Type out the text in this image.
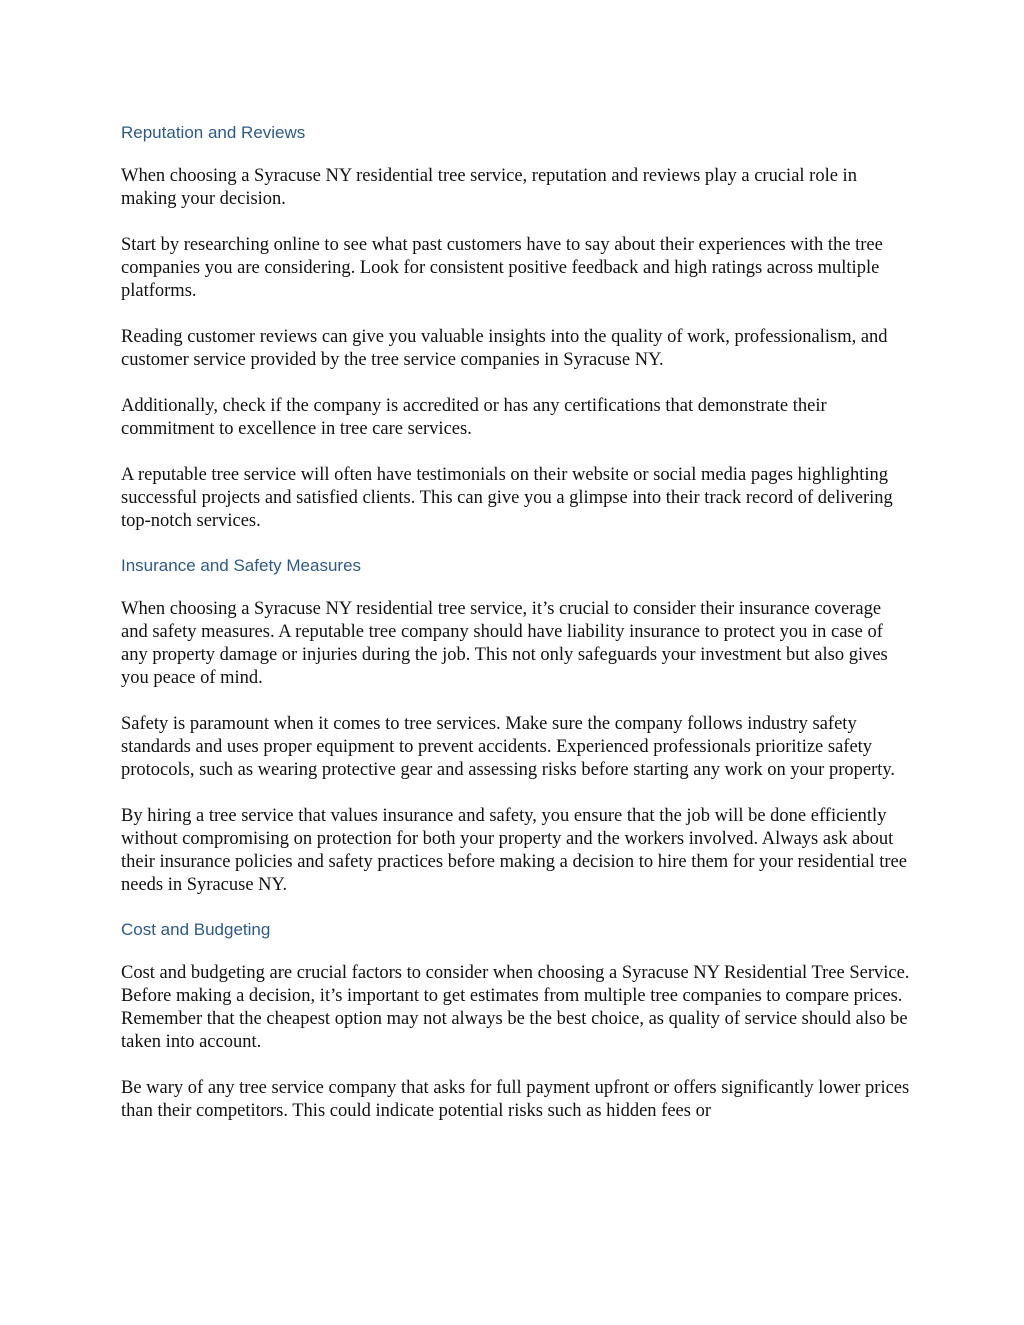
Reputation and Reviews

When choosing a Syracuse NY residential tree service, reputation and reviews play a crucial role in making your decision.

Start by researching online to see what past customers have to say about their experiences with the tree companies you are considering. Look for consistent positive feedback and high ratings across multiple platforms.

Reading customer reviews can give you valuable insights into the quality of work, professionalism, and customer service provided by the tree service companies in Syracuse NY.

Additionally, check if the company is accredited or has any certifications that demonstrate their commitment to excellence in tree care services.

A reputable tree service will often have testimonials on their website or social media pages highlighting successful projects and satisfied clients. This can give you a glimpse into their track record of delivering top-notch services.

Insurance and Safety Measures

When choosing a Syracuse NY residential tree service, it’s crucial to consider their insurance coverage and safety measures. A reputable tree company should have liability insurance to protect you in case of any property damage or injuries during the job. This not only safeguards your investment but also gives you peace of mind.

Safety is paramount when it comes to tree services. Make sure the company follows industry safety standards and uses proper equipment to prevent accidents. Experienced professionals prioritize safety protocols, such as wearing protective gear and assessing risks before starting any work on your property.

By hiring a tree service that values insurance and safety, you ensure that the job will be done efficiently without compromising on protection for both your property and the workers involved. Always ask about their insurance policies and safety practices before making a decision to hire them for your residential tree needs in Syracuse NY.

Cost and Budgeting

Cost and budgeting are crucial factors to consider when choosing a Syracuse NY Residential Tree Service. Before making a decision, it’s important to get estimates from multiple tree companies to compare prices. Remember that the cheapest option may not always be the best choice, as quality of service should also be taken into account.

Be wary of any tree service company that asks for full payment upfront or offers significantly lower prices than their competitors. This could indicate potential risks such as hidden fees or
